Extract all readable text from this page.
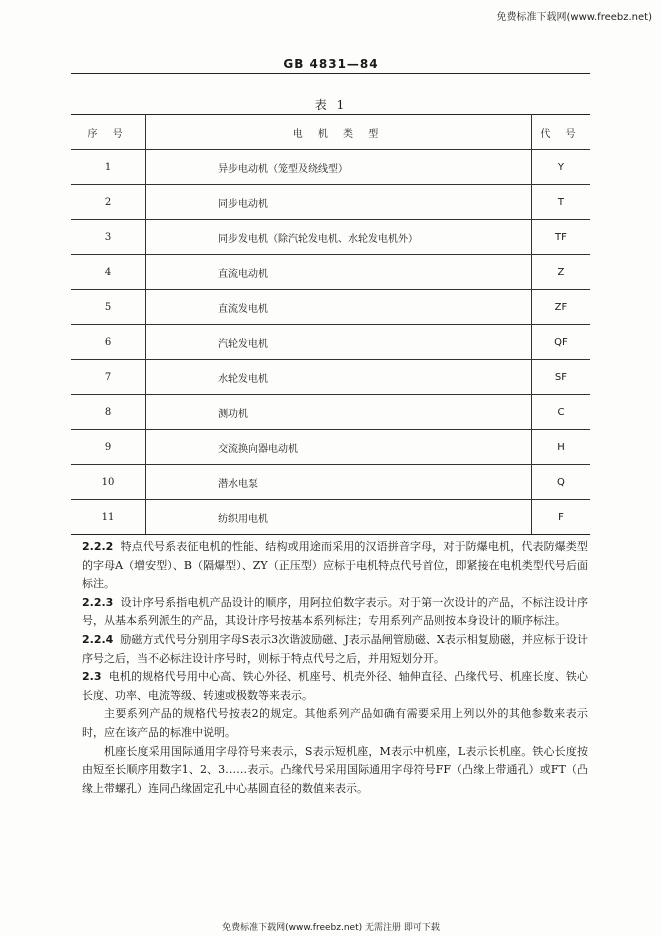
免费标准下载网(www.freebz.net)
GB 4831—84
表 1
序 号	电 机 类 型	代 号
1	异步电动机（笼型及绕线型）	Y
2	同步电动机	T
3	同步发电机（除汽轮发电机、水轮发电机外）	TF
4	直流电动机	Z
5	直流发电机	ZF
6	汽轮发电机	QF
7	水轮发电机	SF
8	测功机	C
9	交流换向器电动机	H
10	潜水电泵	Q
11	纺织用电机	F

2.2.2 特点代号系表征电机的性能、结构或用途而采用的汉语拼音字母，对于防爆电机，代表防爆类型的字母A（增安型）、B（隔爆型）、ZY（正压型）应标于电机特点代号首位，即紧接在电机类型代号后面标注。

2.2.3 设计序号系指电机产品设计的顺序，用阿拉伯数字表示。对于第一次设计的产品，不标注设计序号，从基本系列派生的产品，其设计序号按基本系列标注；专用系列产品则按本身设计的顺序标注。

2.2.4 励磁方式代号分别用字母S表示3次谐波励磁、J表示晶闸管励磁、X表示相复励磁，并应标于设计序号之后，当不必标注设计序号时，则标于特点代号之后，并用短划分开。

2.3 电机的规格代号用中心高、铁心外径、机座号、机壳外径、轴伸直径、凸缘代号、机座长度、铁心长度、功率、电流等级、转速或极数等来表示。

主要系列产品的规格代号按表2的规定。其他系列产品如确有需要采用上列以外的其他参数来表示时，应在该产品的标准中说明。

机座长度采用国际通用字母符号来表示，S表示短机座，M表示中机座，L表示长机座。铁心长度按由短至长顺序用数字1、2、3……表示。凸缘代号采用国际通用字母符号FF（凸缘上带通孔）或FT（凸缘上带螺孔）连同凸缘固定孔中心基圆直径的数值来表示。

免费标准下载网(www.freebz.net) 无需注册 即可下载
